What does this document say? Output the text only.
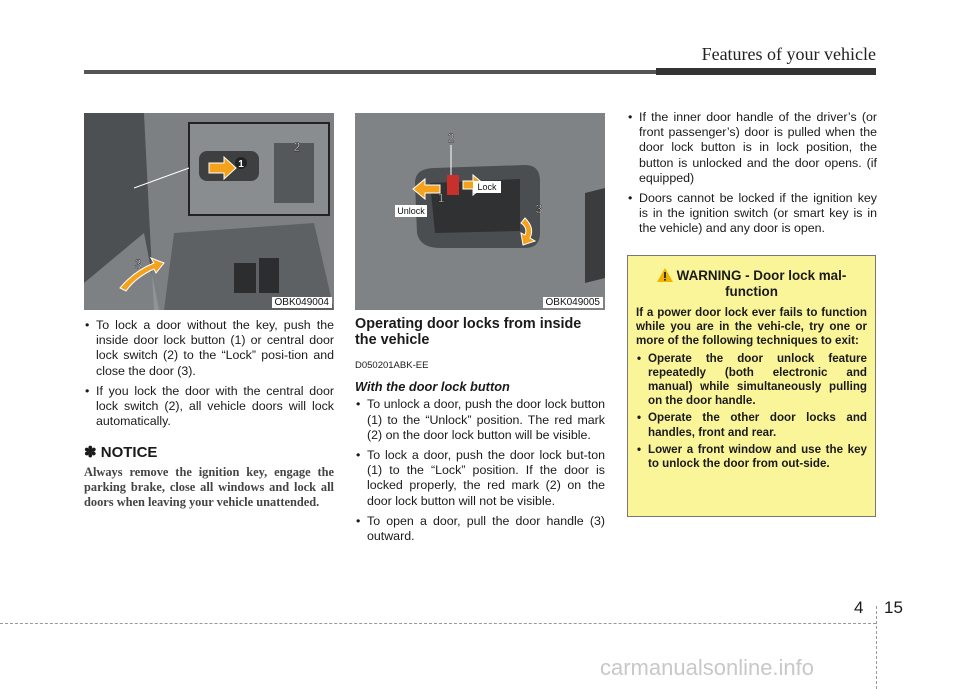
Features of your vehicle
1
2
3
OBK049004
Unlock
Lock
1
2
3
OBK049005
• To lock a door without the key, push the inside door lock button (1) or central door lock switch (2) to the “Lock” posi-tion and close the door (3).
• If you lock the door with the central door lock switch (2), all vehicle doors will lock automatically.
✽ NOTICE
Always remove the ignition key, engage the parking brake, close all windows and lock all doors when leaving your vehicle unattended.
Operating door locks from inside the vehicle
D050201ABK-EE
With the door lock button
• To unlock a door, push the door lock button (1) to the “Unlock” position. The red mark (2) on the door lock button will be visible.
• To lock a door, push the door lock but-ton (1) to the “Lock” position. If the door is locked properly, the red mark (2) on the door lock button will not be visible.
• To open a door, pull the door handle (3) outward.
• If the inner door handle of the driver’s (or front passenger’s) door is pulled when the door lock button is in lock position, the button is unlocked and the door opens. (if equipped)
• Doors cannot be locked if the ignition key is in the ignition switch (or smart key is in the vehicle) and any door is open.
WARNING - Door lock mal-function

If a power door lock ever fails to function while you are in the vehi-cle, try one or more of the following techniques to exit:

• Operate the door unlock feature repeatedly (both electronic and manual) while simultaneously pulling on the door handle.
• Operate the other door locks and handles, front and rear.
• Lower a front window and use the key to unlock the door from out-side.
4 15
carmanualsonline.info
